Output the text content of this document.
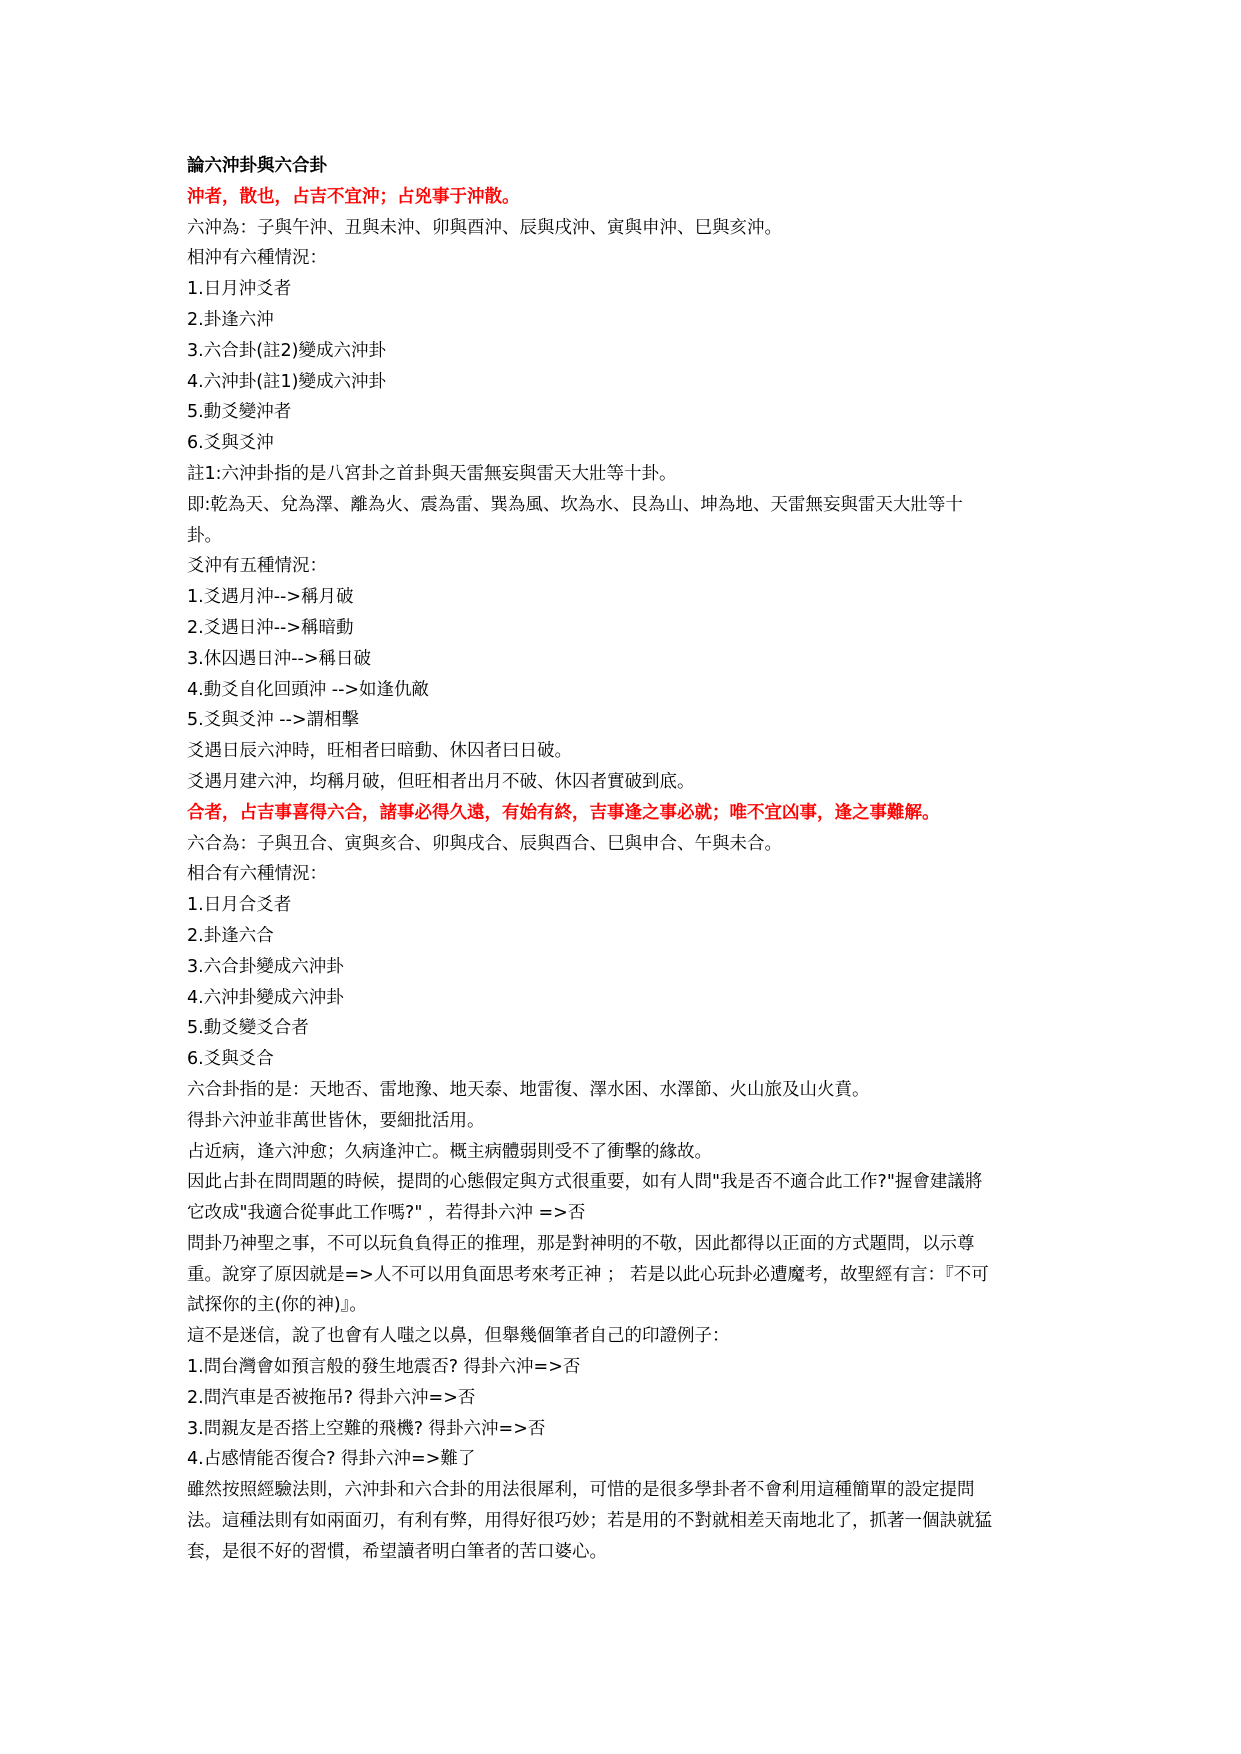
論六沖卦與六合卦

沖者，散也，占吉不宜沖；占兇事于沖散。

六沖為：子與午沖、丑與未沖、卯與酉沖、辰與戌沖、寅與申沖、巳與亥沖。

相沖有六種情況：

1.日月沖爻者

2.卦逢六沖

3.六合卦(註2)變成六沖卦

4.六沖卦(註1)變成六沖卦

5.動爻變沖者

6.爻與爻沖

註1:六沖卦指的是八宮卦之首卦與天雷無妄與雷天大壯等十卦。

即:乾為天、兌為澤、離為火、震為雷、巽為風、坎為水、艮為山、坤為地、天雷無妄與雷天大壯等十

卦。

爻沖有五種情況：

1.爻遇月沖-->稱月破

2.爻遇日沖-->稱暗動

3.休囚遇日沖-->稱日破

4.動爻自化回頭沖 -->如逢仇敵

5.爻與爻沖 -->謂相擊

爻遇日辰六沖時，旺相者曰暗動、休囚者曰日破。

爻遇月建六沖，均稱月破，但旺相者出月不破、休囚者實破到底。

合者，占吉事喜得六合，諸事必得久遠，有始有終，吉事逢之事必就；唯不宜凶事，逢之事難解。

六合為：子與丑合、寅與亥合、卯與戌合、辰與酉合、巳與申合、午與未合。

相合有六種情況：

1.日月合爻者

2.卦逢六合

3.六合卦變成六沖卦

4.六沖卦變成六沖卦

5.動爻變爻合者

6.爻與爻合

六合卦指的是：天地否、雷地豫、地天泰、地雷復、澤水困、水澤節、火山旅及山火賁。

得卦六沖並非萬世皆休，要細批活用。

占近病，逢六沖愈；久病逢沖亡。概主病體弱則受不了衝擊的緣故。

因此占卦在問問題的時候，提問的心態假定與方式很重要，如有人問"我是否不適合此工作?"握會建議將

它改成"我適合從事此工作嗎?" ，若得卦六沖 =>否

問卦乃神聖之事，不可以玩負負得正的推理，那是對神明的不敬，因此都得以正面的方式題問，以示尊

重。說穿了原因就是=>人不可以用負面思考來考正神 ； 若是以此心玩卦必遭魔考，故聖經有言：『不可

試探你的主(你的神)』。

這不是迷信，說了也會有人嗤之以鼻，但舉幾個筆者自己的印證例子：

1.問台灣會如預言般的發生地震否? 得卦六沖=>否

2.問汽車是否被拖吊? 得卦六沖=>否

3.問親友是否搭上空難的飛機? 得卦六沖=>否

4.占感情能否復合? 得卦六沖=>難了

雖然按照經驗法則，六沖卦和六合卦的用法很犀利，可惜的是很多學卦者不會利用這種簡單的設定提問

法。這種法則有如兩面刃，有利有弊，用得好很巧妙；若是用的不對就相差天南地北了，抓著一個訣就猛

套，是很不好的習慣，希望讀者明白筆者的苦口婆心。
